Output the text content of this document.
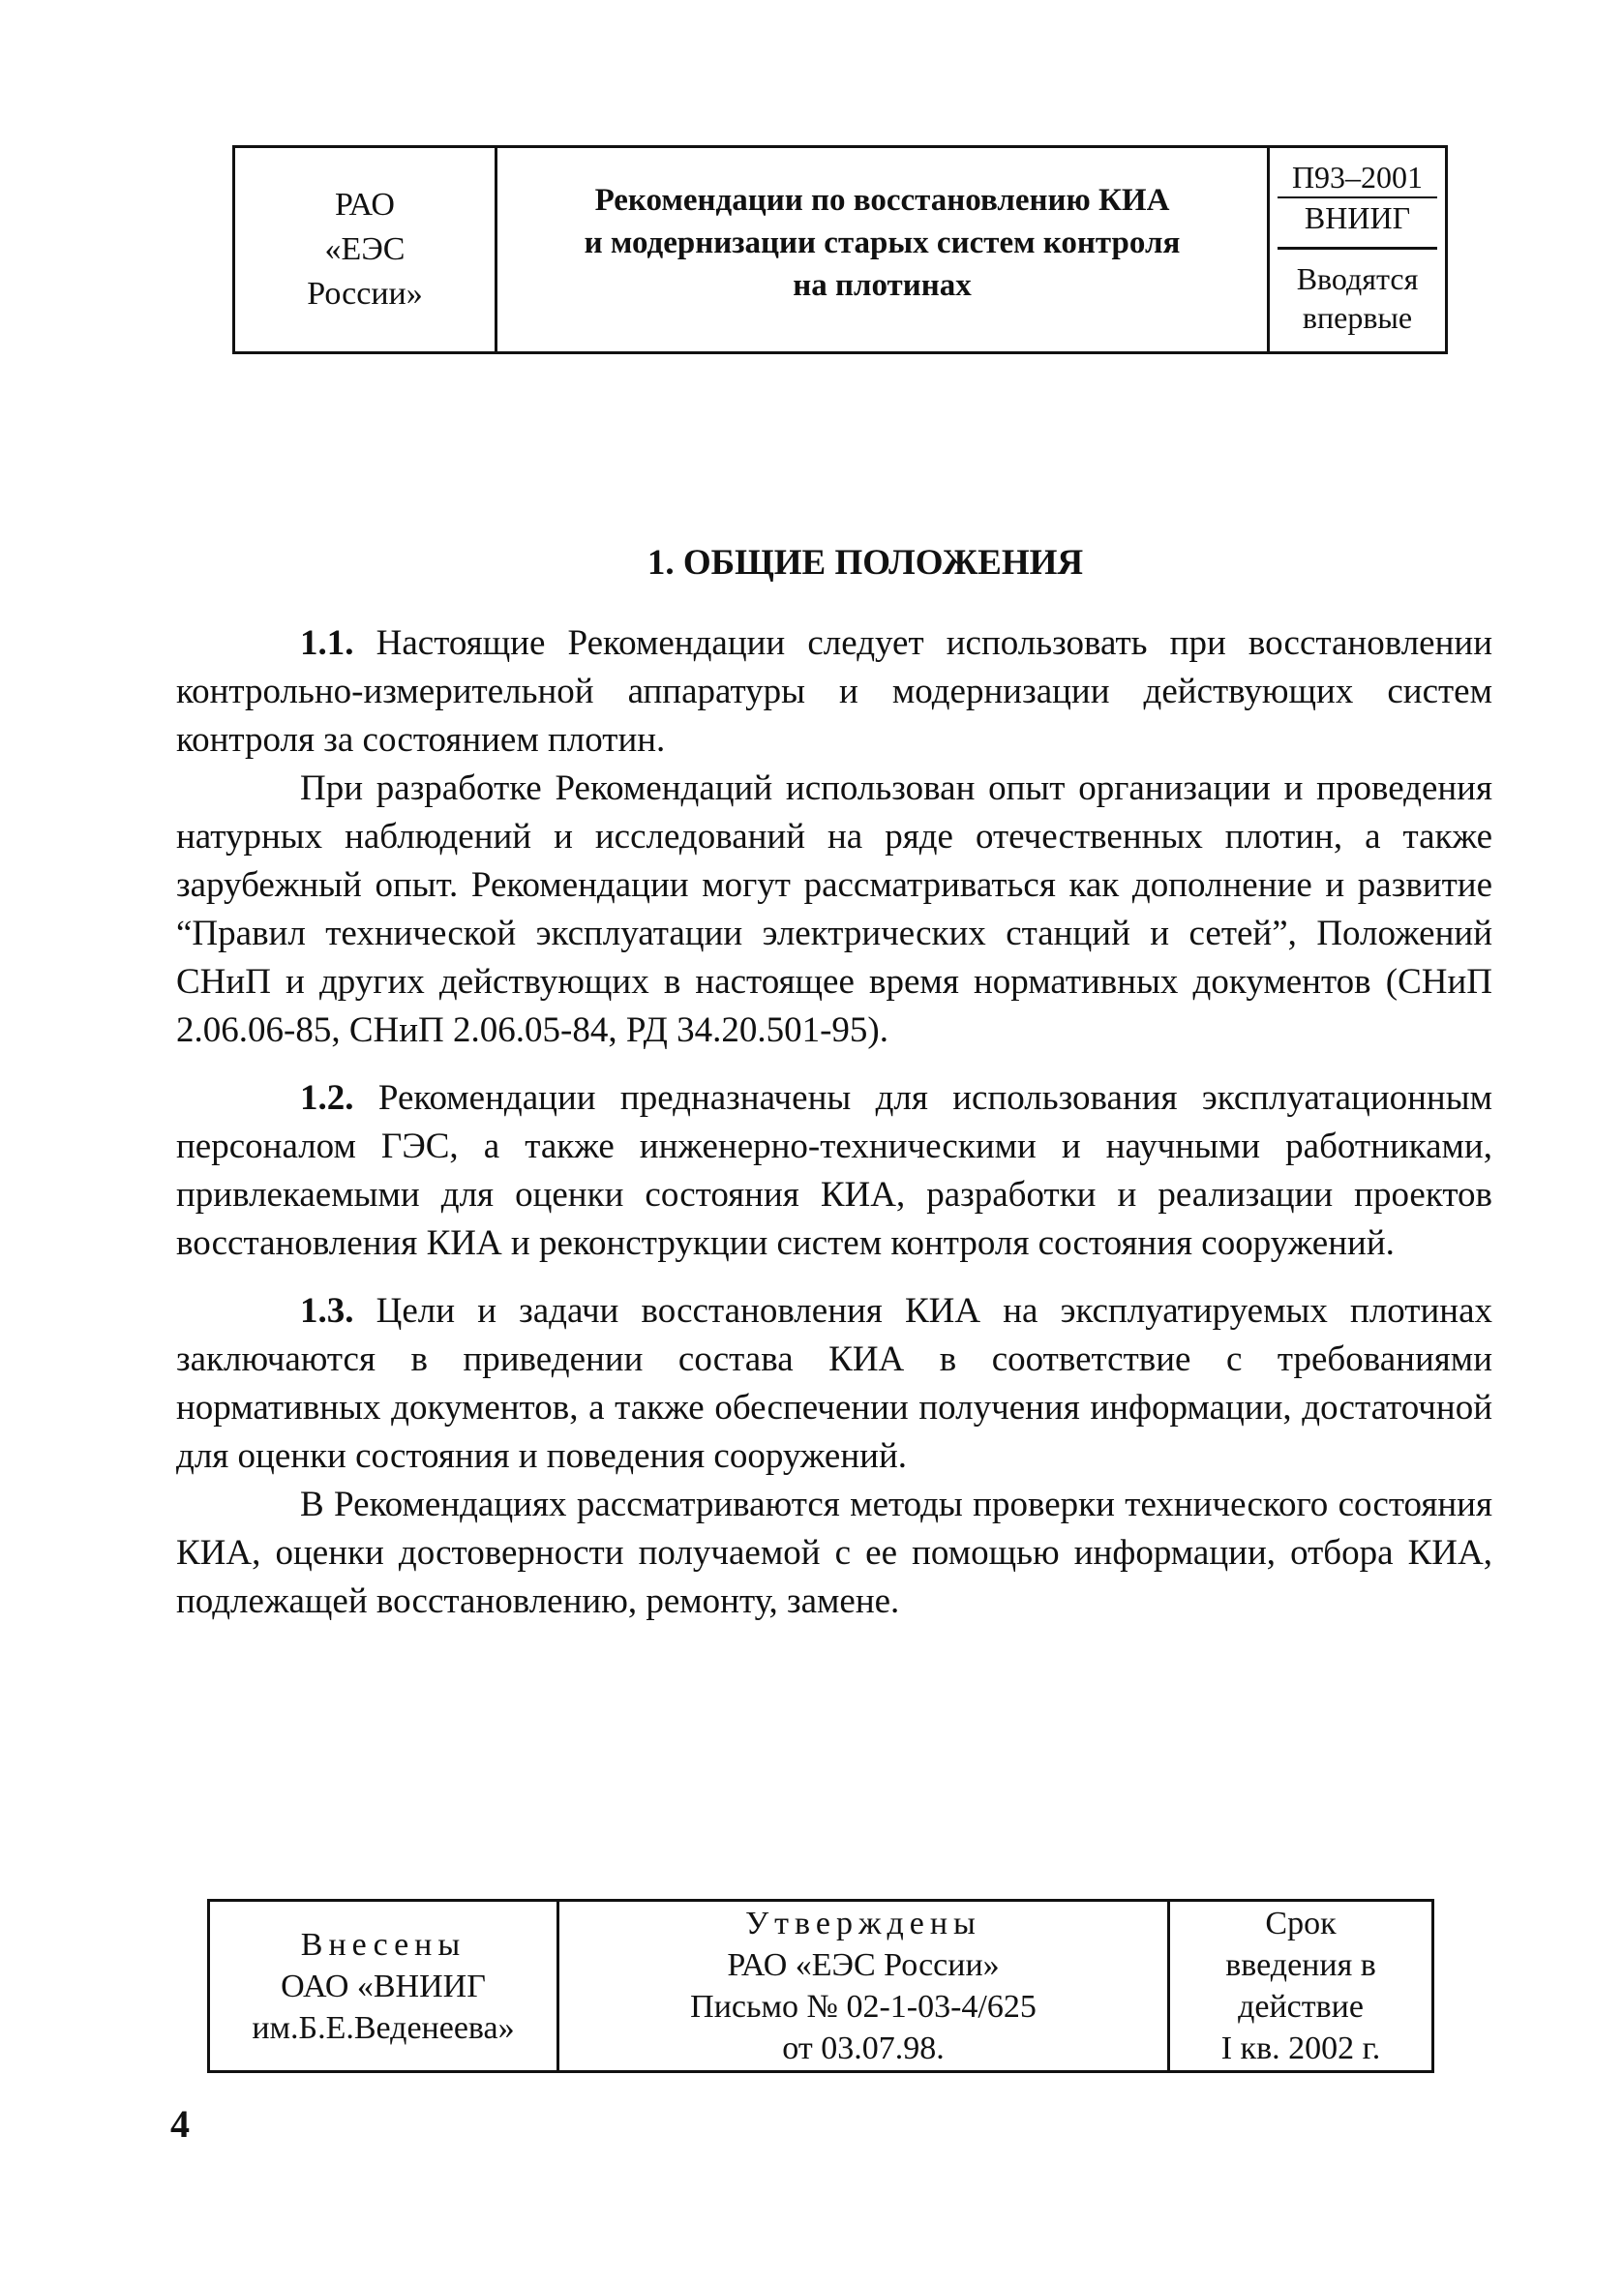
РАО
«ЕЭС
России»
Рекомендации по восстановлению КИА
и модернизации старых систем контроля
на плотинах
П93–2001
ВНИИГ
Вводятся
впервые
1. ОБЩИЕ ПОЛОЖЕНИЯ

1.1. Настоящие Рекомендации следует использовать при восстановлении контрольно-измерительной аппаратуры и модернизации действующих систем контроля за состоянием плотин.

При разработке Рекомендаций использован опыт организации и проведения натурных наблюдений и исследований на ряде отечественных плотин, а также зарубежный опыт. Рекомендации могут рассматриваться как дополнение и развитие “Правил технической эксплуатации электрических станций и сетей”, Положений СНиП и других действующих в настоящее время нормативных документов (СНиП 2.06.06-85, СНиП 2.06.05-84, РД 34.20.501-95).

1.2. Рекомендации предназначены для использования эксплуатационным персоналом ГЭС, а также инженерно-техническими и научными работниками, привлекаемыми для оценки состояния КИА, разработки и реализации проектов восстановления КИА и реконструкции систем контроля состояния сооружений.

1.3. Цели и задачи восстановления КИА на эксплуатируемых плотинах заключаются в приведении состава КИА в соответствие с требованиями нормативных документов, а также обеспечении получения информации, достаточной для оценки состояния и поведения сооружений.

В Рекомендациях рассматриваются методы проверки технического состояния КИА, оценки достоверности получаемой с ее помощью информации, отбора КИА, подлежащей восстановлению, ремонту, замене.

Внесены
ОАО «ВНИИГ
им.Б.Е.Веденеева»
Утверждены
РАО «ЕЭС России»
Письмо № 02-1-03-4/625
от 03.07.98.
Срок
введения в
действие
I кв. 2002 г.
4
